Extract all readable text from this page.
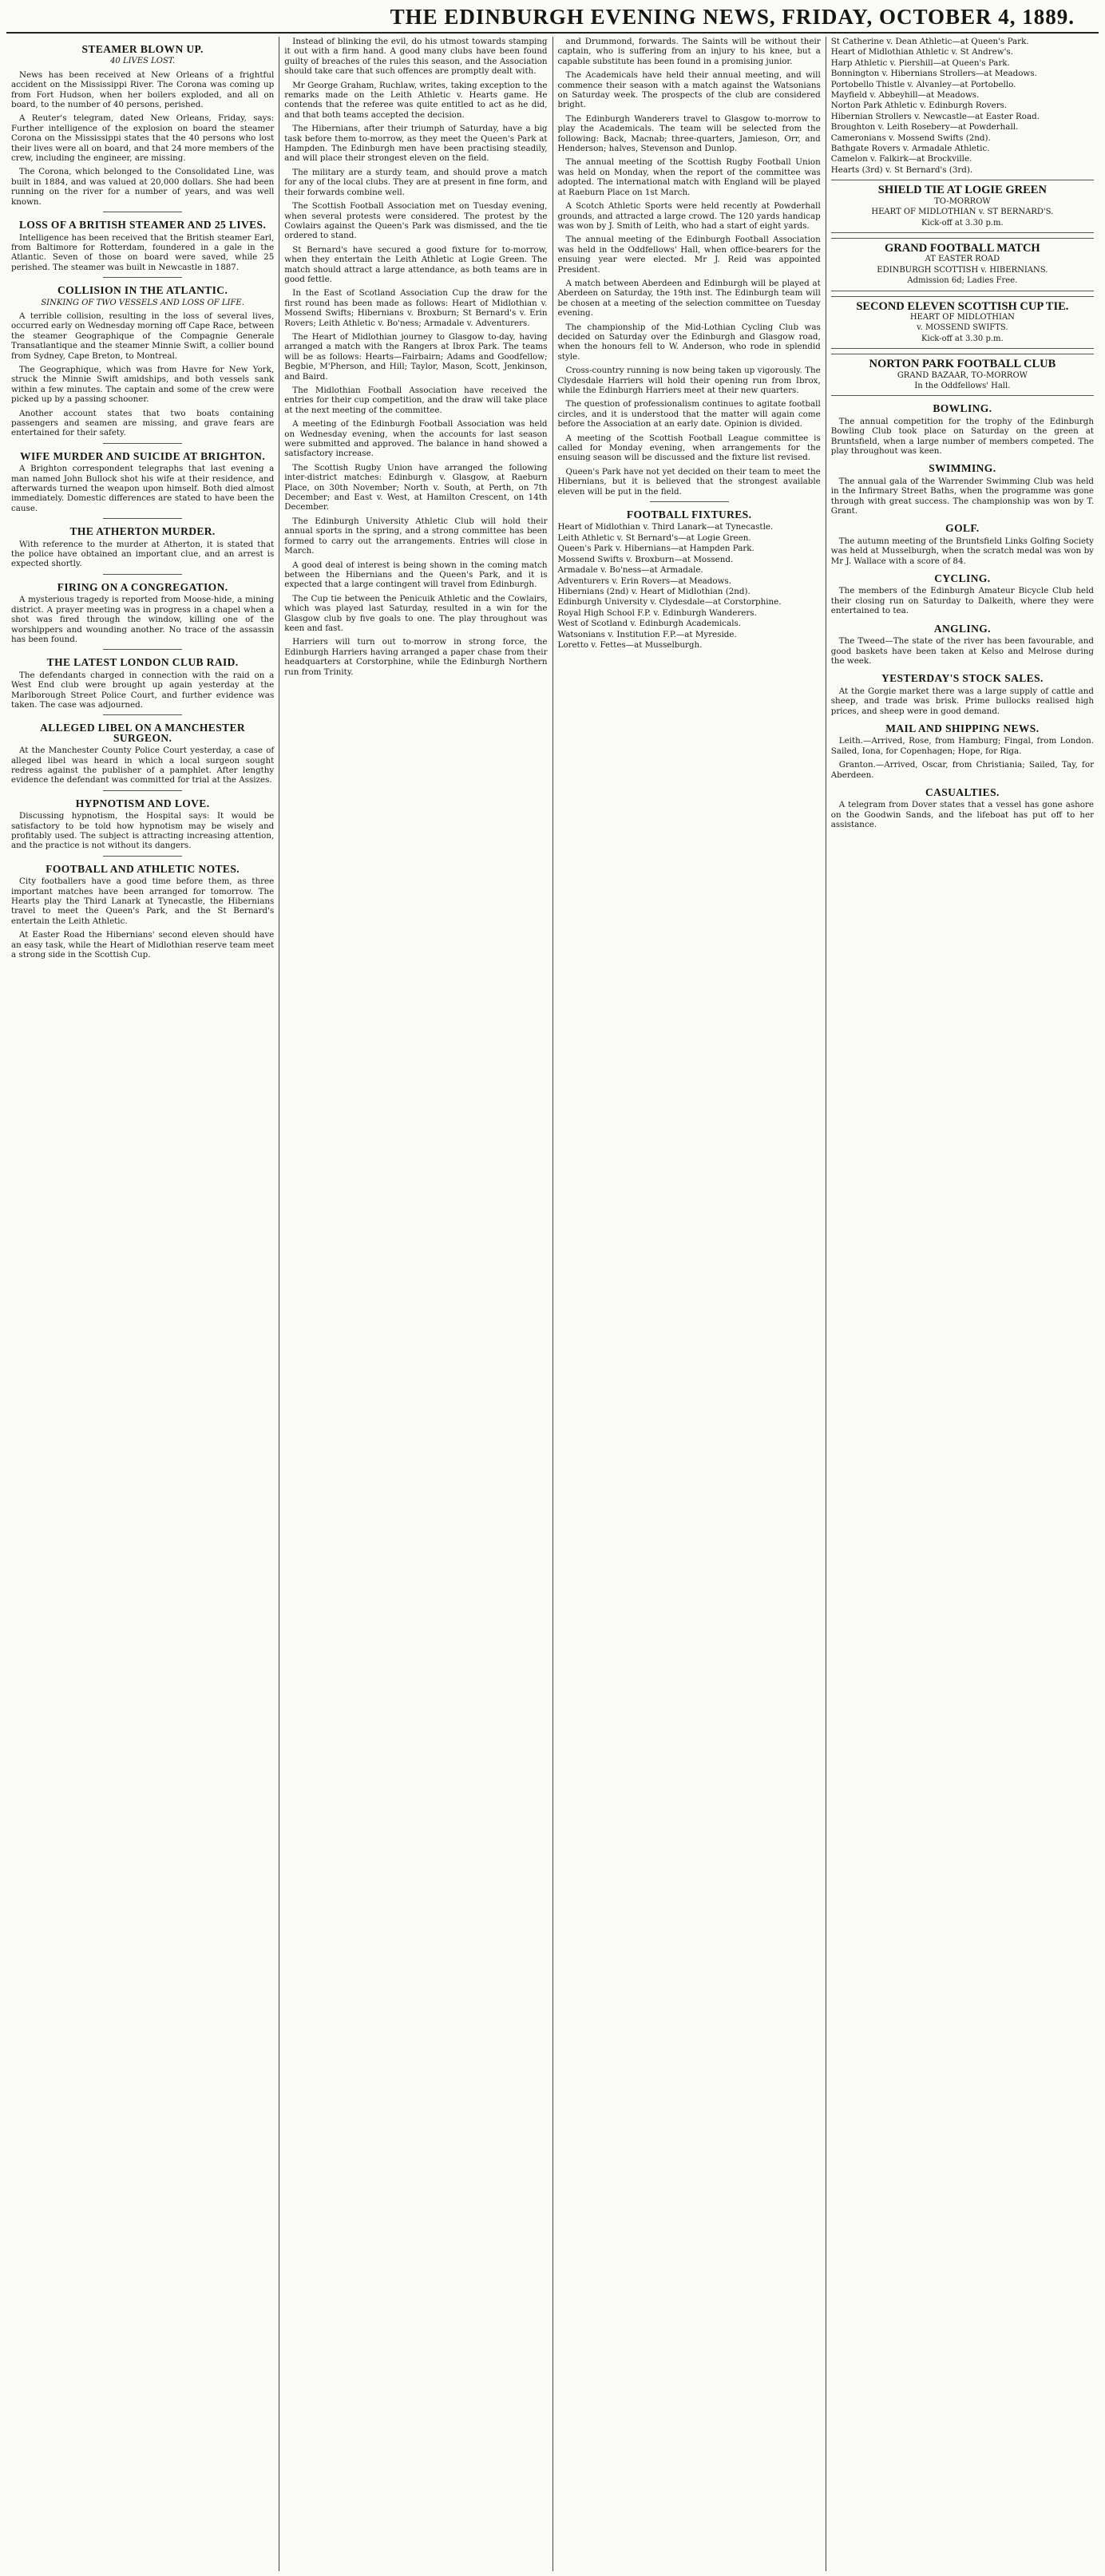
THE EDINBURGH EVENING NEWS, FRIDAY, OCTOBER 4, 1889.
STEAMER BLOWN UP.
40 LIVES LOST.

News has been received at New Orleans of a frightful accident on the Mississippi River. The Corona was coming up from Fort Hudson, when her boilers exploded, and all on board, to the number of 40 persons, perished.

A Reuter's telegram, dated New Orleans, Friday, says: Further intelligence of the explosion on board the steamer Corona on the Mississippi states that the 40 persons who lost their lives were all on board, and that 24 more members of the crew, including the engineer, are missing.

The Corona, which belonged to the Consolidated Line, was built in 1884, and was valued at 20,000 dollars. She had been running on the river for a number of years, and was well known.

LOSS OF A BRITISH STEAMER AND 25 LIVES.

Intelligence has been received that the British steamer Earl, from Baltimore for Rotterdam, foundered in a gale in the Atlantic. Seven of those on board were saved, while 25 perished. The steamer was built in Newcastle in 1887.

COLLISION IN THE ATLANTIC.
SINKING OF TWO VESSELS AND LOSS OF LIFE.

A terrible collision, resulting in the loss of several lives, occurred early on Wednesday morning off Cape Race, between the steamer Geographique of the Compagnie Generale Transatlantique and the steamer Minnie Swift, a collier bound from Sydney, Cape Breton, to Montreal.

The Geographique, which was from Havre for New York, struck the Minnie Swift amidships, and both vessels sank within a few minutes. The captain and some of the crew were picked up by a passing schooner.

Another account states that two boats containing passengers and seamen are missing, and grave fears are entertained for their safety.

WIFE MURDER AND SUICIDE AT BRIGHTON.

A Brighton correspondent telegraphs that last evening a man named John Bullock shot his wife at their residence, and afterwards turned the weapon upon himself. Both died almost immediately. Domestic differences are stated to have been the cause.

THE ATHERTON MURDER.

With reference to the murder at Atherton, it is stated that the police have obtained an important clue, and an arrest is expected shortly.

FIRING ON A CONGREGATION.

A mysterious tragedy is reported from Moose-hide, a mining district. A prayer meeting was in progress in a chapel when a shot was fired through the window, killing one of the worshippers and wounding another. No trace of the assassin has been found.

THE LATEST LONDON CLUB RAID.

The defendants charged in connection with the raid on a West End club were brought up again yesterday at the Marlborough Street Police Court, and further evidence was taken. The case was adjourned.

ALLEGED LIBEL ON A MANCHESTER SURGEON.

At the Manchester County Police Court yesterday, a case of alleged libel was heard in which a local surgeon sought redress against the publisher of a pamphlet. After lengthy evidence the defendant was committed for trial at the Assizes.

HYPNOTISM AND LOVE.

Discussing hypnotism, the Hospital says: It would be satisfactory to be told how hypnotism may be wisely and profitably used. The subject is attracting increasing attention, and the practice is not without its dangers.

FOOTBALL AND ATHLETIC NOTES.

City footballers have a good time before them, as three important matches have been arranged for tomorrow. The Hearts play the Third Lanark at Tynecastle, the Hibernians travel to meet the Queen's Park, and the St Bernard's entertain the Leith Athletic.

At Easter Road the Hibernians' second eleven should have an easy task, while the Heart of Midlothian reserve team meet a strong side in the Scottish Cup.

Instead of blinking the evil, do his utmost towards stamping it out with a firm hand. A good many clubs have been found guilty of breaches of the rules this season, and the Association should take care that such offences are promptly dealt with.

Mr George Graham, Ruchlaw, writes, taking exception to the remarks made on the Leith Athletic v. Hearts game. He contends that the referee was quite entitled to act as he did, and that both teams accepted the decision.

The Hibernians, after their triumph of Saturday, have a big task before them to-morrow, as they meet the Queen's Park at Hampden. The Edinburgh men have been practising steadily, and will place their strongest eleven on the field.

The military are a sturdy team, and should prove a match for any of the local clubs. They are at present in fine form, and their forwards combine well.

The Scottish Football Association met on Tuesday evening, when several protests were considered. The protest by the Cowlairs against the Queen's Park was dismissed, and the tie ordered to stand.

St Bernard's have secured a good fixture for to-morrow, when they entertain the Leith Athletic at Logie Green. The match should attract a large attendance, as both teams are in good fettle.

In the East of Scotland Association Cup the draw for the first round has been made as follows: Heart of Midlothian v. Mossend Swifts; Hibernians v. Broxburn; St Bernard's v. Erin Rovers; Leith Athletic v. Bo'ness; Armadale v. Adventurers.

The Heart of Midlothian journey to Glasgow to-day, having arranged a match with the Rangers at Ibrox Park. The teams will be as follows: Hearts—Fairbairn; Adams and Goodfellow; Begbie, M'Pherson, and Hill; Taylor, Mason, Scott, Jenkinson, and Baird.

The Midlothian Football Association have received the entries for their cup competition, and the draw will take place at the next meeting of the committee.

A meeting of the Edinburgh Football Association was held on Wednesday evening, when the accounts for last season were submitted and approved. The balance in hand showed a satisfactory increase.

The Scottish Rugby Union have arranged the following inter-district matches: Edinburgh v. Glasgow, at Raeburn Place, on 30th November; North v. South, at Perth, on 7th December; and East v. West, at Hamilton Crescent, on 14th December.

The Edinburgh University Athletic Club will hold their annual sports in the spring, and a strong committee has been formed to carry out the arrangements. Entries will close in March.

A good deal of interest is being shown in the coming match between the Hibernians and the Queen's Park, and it is expected that a large contingent will travel from Edinburgh.

The Cup tie between the Penicuik Athletic and the Cowlairs, which was played last Saturday, resulted in a win for the Glasgow club by five goals to one. The play throughout was keen and fast.

Harriers will turn out to-morrow in strong force, the Edinburgh Harriers having arranged a paper chase from their headquarters at Corstorphine, while the Edinburgh Northern run from Trinity.

and Drummond, forwards. The Saints will be without their captain, who is suffering from an injury to his knee, but a capable substitute has been found in a promising junior.

The Academicals have held their annual meeting, and will commence their season with a match against the Watsonians on Saturday week. The prospects of the club are considered bright.

The Edinburgh Wanderers travel to Glasgow to-morrow to play the Academicals. The team will be selected from the following: Back, Macnab; three-quarters, Jamieson, Orr, and Henderson; halves, Stevenson and Dunlop.

The annual meeting of the Scottish Rugby Football Union was held on Monday, when the report of the committee was adopted. The international match with England will be played at Raeburn Place on 1st March.

A Scotch Athletic Sports were held recently at Powderhall grounds, and attracted a large crowd. The 120 yards handicap was won by J. Smith of Leith, who had a start of eight yards.

The annual meeting of the Edinburgh Football Association was held in the Oddfellows' Hall, when office-bearers for the ensuing year were elected. Mr J. Reid was appointed President.

A match between Aberdeen and Edinburgh will be played at Aberdeen on Saturday, the 19th inst. The Edinburgh team will be chosen at a meeting of the selection committee on Tuesday evening.

The championship of the Mid-Lothian Cycling Club was decided on Saturday over the Edinburgh and Glasgow road, when the honours fell to W. Anderson, who rode in splendid style.

Cross-country running is now being taken up vigorously. The Clydesdale Harriers will hold their opening run from Ibrox, while the Edinburgh Harriers meet at their new quarters.

The question of professionalism continues to agitate football circles, and it is understood that the matter will again come before the Association at an early date. Opinion is divided.

A meeting of the Scottish Football League committee is called for Monday evening, when arrangements for the ensuing season will be discussed and the fixture list revised.

Queen's Park have not yet decided on their team to meet the Hibernians, but it is believed that the strongest available eleven will be put in the field.

FOOTBALL FIXTURES.
Heart of Midlothian v. Third Lanark—at Tynecastle.
Leith Athletic v. St Bernard's—at Logie Green.
Queen's Park v. Hibernians—at Hampden Park.
Mossend Swifts v. Broxburn—at Mossend.
Armadale v. Bo'ness—at Armadale.
Adventurers v. Erin Rovers—at Meadows.
Hibernians (2nd) v. Heart of Midlothian (2nd).
Edinburgh University v. Clydesdale—at Corstorphine.
Royal High School F.P. v. Edinburgh Wanderers.
West of Scotland v. Edinburgh Academicals.
Watsonians v. Institution F.P.—at Myreside.
Loretto v. Fettes—at Musselburgh.
St Catherine v. Dean Athletic—at Queen's Park.
Heart of Midlothian Athletic v. St Andrew's.
Harp Athletic v. Piershill—at Queen's Park.
Bonnington v. Hibernians Strollers—at Meadows.
Portobello Thistle v. Alvanley—at Portobello.
Mayfield v. Abbeyhill—at Meadows.
Norton Park Athletic v. Edinburgh Rovers.
Hibernian Strollers v. Newcastle—at Easter Road.
Broughton v. Leith Rosebery—at Powderhall.
Cameronians v. Mossend Swifts (2nd).
Bathgate Rovers v. Armadale Athletic.
Camelon v. Falkirk—at Brockville.
Hearts (3rd) v. St Bernard's (3rd).
SHIELD TIE AT LOGIE GREEN
TO-MORROW
HEART OF MIDLOTHIAN v. ST BERNARD'S.
Kick-off at 3.30 p.m.
GRAND FOOTBALL MATCH
AT EASTER ROAD
EDINBURGH SCOTTISH v. HIBERNIANS.
Admission 6d; Ladies Free.
SECOND ELEVEN SCOTTISH CUP TIE.
HEART OF MIDLOTHIAN
v. MOSSEND SWIFTS.
Kick-off at 3.30 p.m.
NORTON PARK FOOTBALL CLUB
GRAND BAZAAR, TO-MORROW
In the Oddfellows' Hall.
BOWLING.

The annual competition for the trophy of the Edinburgh Bowling Club took place on Saturday on the green at Bruntsfield, when a large number of members competed. The play throughout was keen.

SWIMMING.

The annual gala of the Warrender Swimming Club was held in the Infirmary Street Baths, when the programme was gone through with great success. The championship was won by T. Grant.

GOLF.

The autumn meeting of the Bruntsfield Links Golfing Society was held at Musselburgh, when the scratch medal was won by Mr J. Wallace with a score of 84.

CYCLING.

The members of the Edinburgh Amateur Bicycle Club held their closing run on Saturday to Dalkeith, where they were entertained to tea.

ANGLING.

The Tweed—The state of the river has been favourable, and good baskets have been taken at Kelso and Melrose during the week.

YESTERDAY'S STOCK SALES.

At the Gorgie market there was a large supply of cattle and sheep, and trade was brisk. Prime bullocks realised high prices, and sheep were in good demand.

MAIL AND SHIPPING NEWS.

Leith.—Arrived, Rose, from Hamburg; Fingal, from London. Sailed, Iona, for Copenhagen; Hope, for Riga.

Granton.—Arrived, Oscar, from Christiania; Sailed, Tay, for Aberdeen.

CASUALTIES.

A telegram from Dover states that a vessel has gone ashore on the Goodwin Sands, and the lifeboat has put off to her assistance.
